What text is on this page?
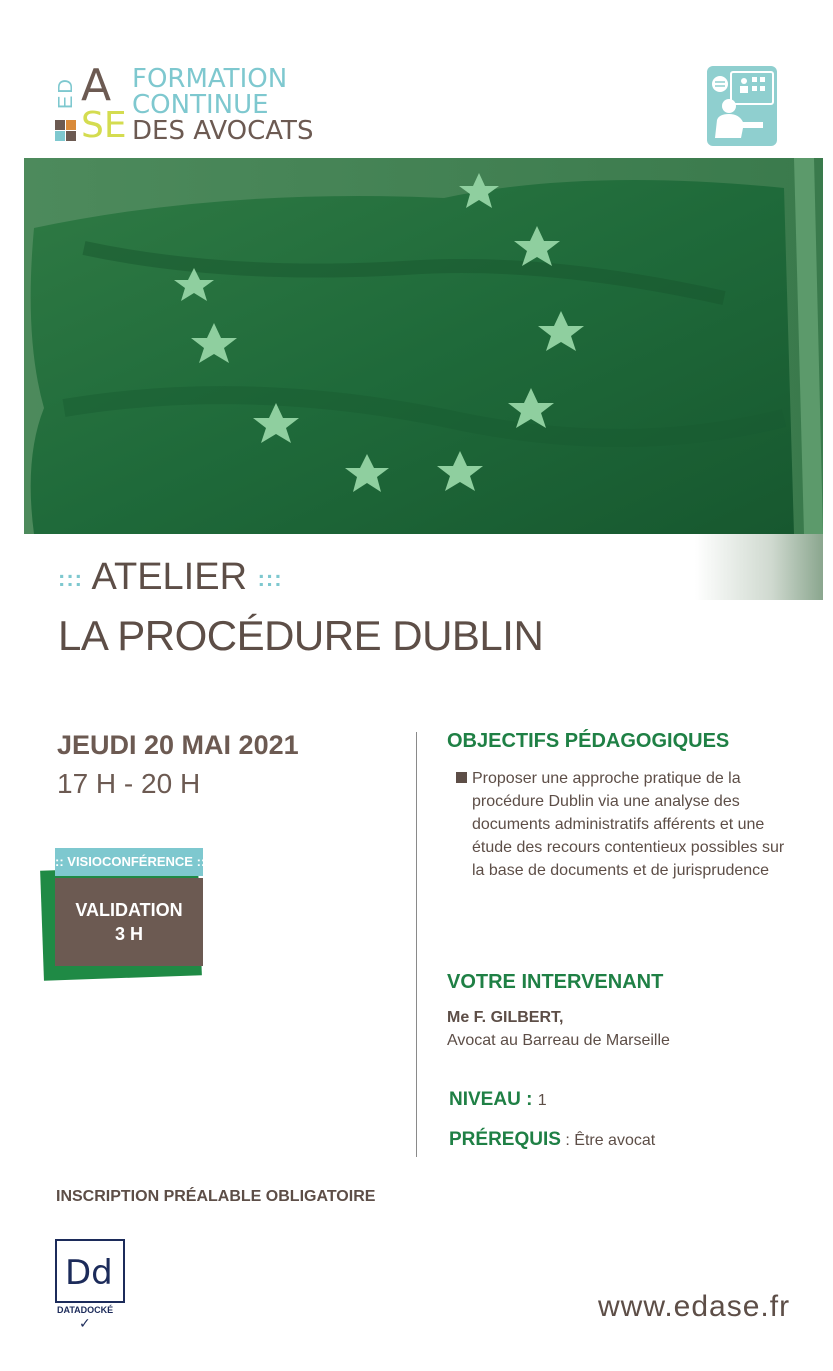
ED A
SE
FORMATION
CONTINUE
DES AVOCATS
::: ATELIER :::
LA PROCÉDURE DUBLIN
JEUDI 20 MAI 2021
17 H - 20 H
VALIDATION
3 H
:: VISIOCONFÉRENCE ::
INSCRIPTION PRÉALABLE OBLIGATOIRE
Dd
DATADOCKÉ
✓
OBJECTIFS PÉDAGOGIQUES
Proposer une approche pratique de la procédure Dublin via une analyse des documents administratifs afférents et une étude des recours contentieux possibles sur la base de documents et de jurisprudence
VOTRE INTERVENANT
Me F. GILBERT,
Avocat au Barreau de Marseille
NIVEAU : 1
PRÉREQUIS : Être avocat
www.edase.fr
